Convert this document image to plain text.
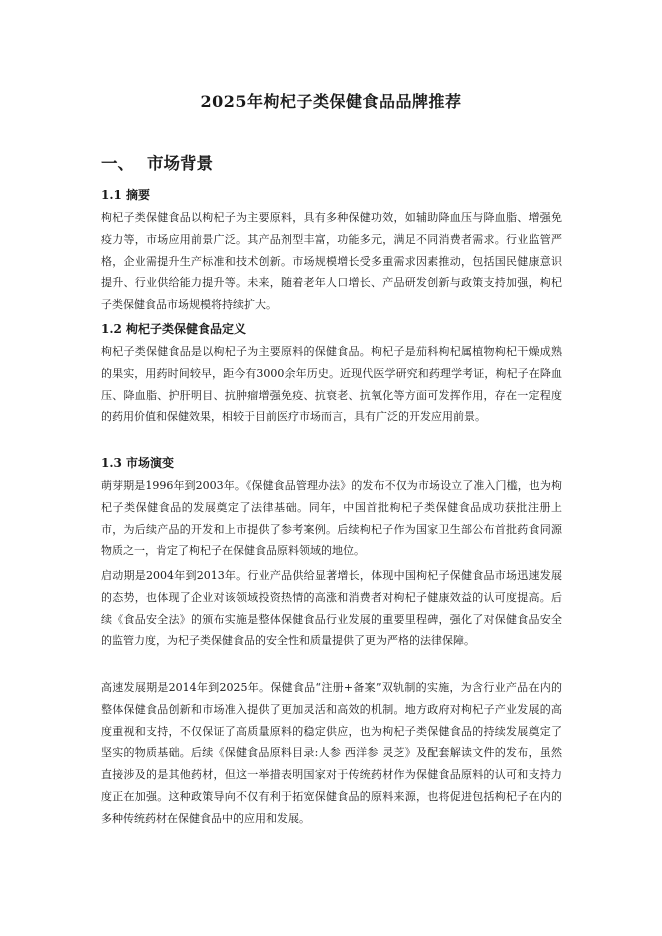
2025年枸杞子类保健食品品牌推荐
一、 市场背景
1.1 摘要

枸杞子类保健食品以枸杞子为主要原料，具有多种保健功效，如辅助降血压与降血脂、增强免疫力等，市场应用前景广泛。其产品剂型丰富，功能多元，满足不同消费者需求。行业监管严格，企业需提升生产标准和技术创新。市场规模增长受多重需求因素推动，包括国民健康意识提升、行业供给能力提升等。未来，随着老年人口增长、产品研发创新与政策支持加强，枸杞子类保健食品市场规模将持续扩大。

1.2 枸杞子类保健食品定义

枸杞子类保健食品是以枸杞子为主要原料的保健食品。枸杞子是茄科枸杞属植物枸杞干燥成熟的果实，用药时间较早，距今有3000余年历史。近现代医学研究和药理学考证，枸杞子在降血压、降血脂、护肝明目、抗肿瘤增强免疫、抗衰老、抗氧化等方面可发挥作用，存在一定程度的药用价值和保健效果，相较于目前医疗市场而言，具有广泛的开发应用前景。

1.3 市场演变

萌芽期是1996年到2003年。《保健食品管理办法》的发布不仅为市场设立了准入门槛，也为枸杞子类保健食品的发展奠定了法律基础。同年，中国首批枸杞子类保健食品成功获批注册上市，为后续产品的开发和上市提供了参考案例。后续枸杞子作为国家卫生部公布首批药食同源物质之一，肯定了枸杞子在保健食品原料领域的地位。

启动期是2004年到2013年。行业产品供给显著增长，体现中国枸杞子保健食品市场迅速发展的态势，也体现了企业对该领域投资热情的高涨和消费者对枸杞子健康效益的认可度提高。后续《食品安全法》的颁布实施是整体保健食品行业发展的重要里程碑，强化了对保健食品安全的监管力度，为杞子类保健食品的安全性和质量提供了更为严格的法律保障。

高速发展期是2014年到2025年。保健食品“注册+备案”双轨制的实施，为含行业产品在内的整体保健食品创新和市场准入提供了更加灵活和高效的机制。地方政府对枸杞子产业发展的高度重视和支持，不仅保证了高质量原料的稳定供应，也为枸杞子类保健食品的持续发展奠定了坚实的物质基础。后续《保健食品原料目录:人参 西洋参 灵芝》及配套解读文件的发布，虽然直接涉及的是其他药材，但这一举措表明国家对于传统药材作为保健食品原料的认可和支持力度正在加强。这种政策导向不仅有利于拓宽保健食品的原料来源，也将促进包括枸杞子在内的多种传统药材在保健食品中的应用和发展。
